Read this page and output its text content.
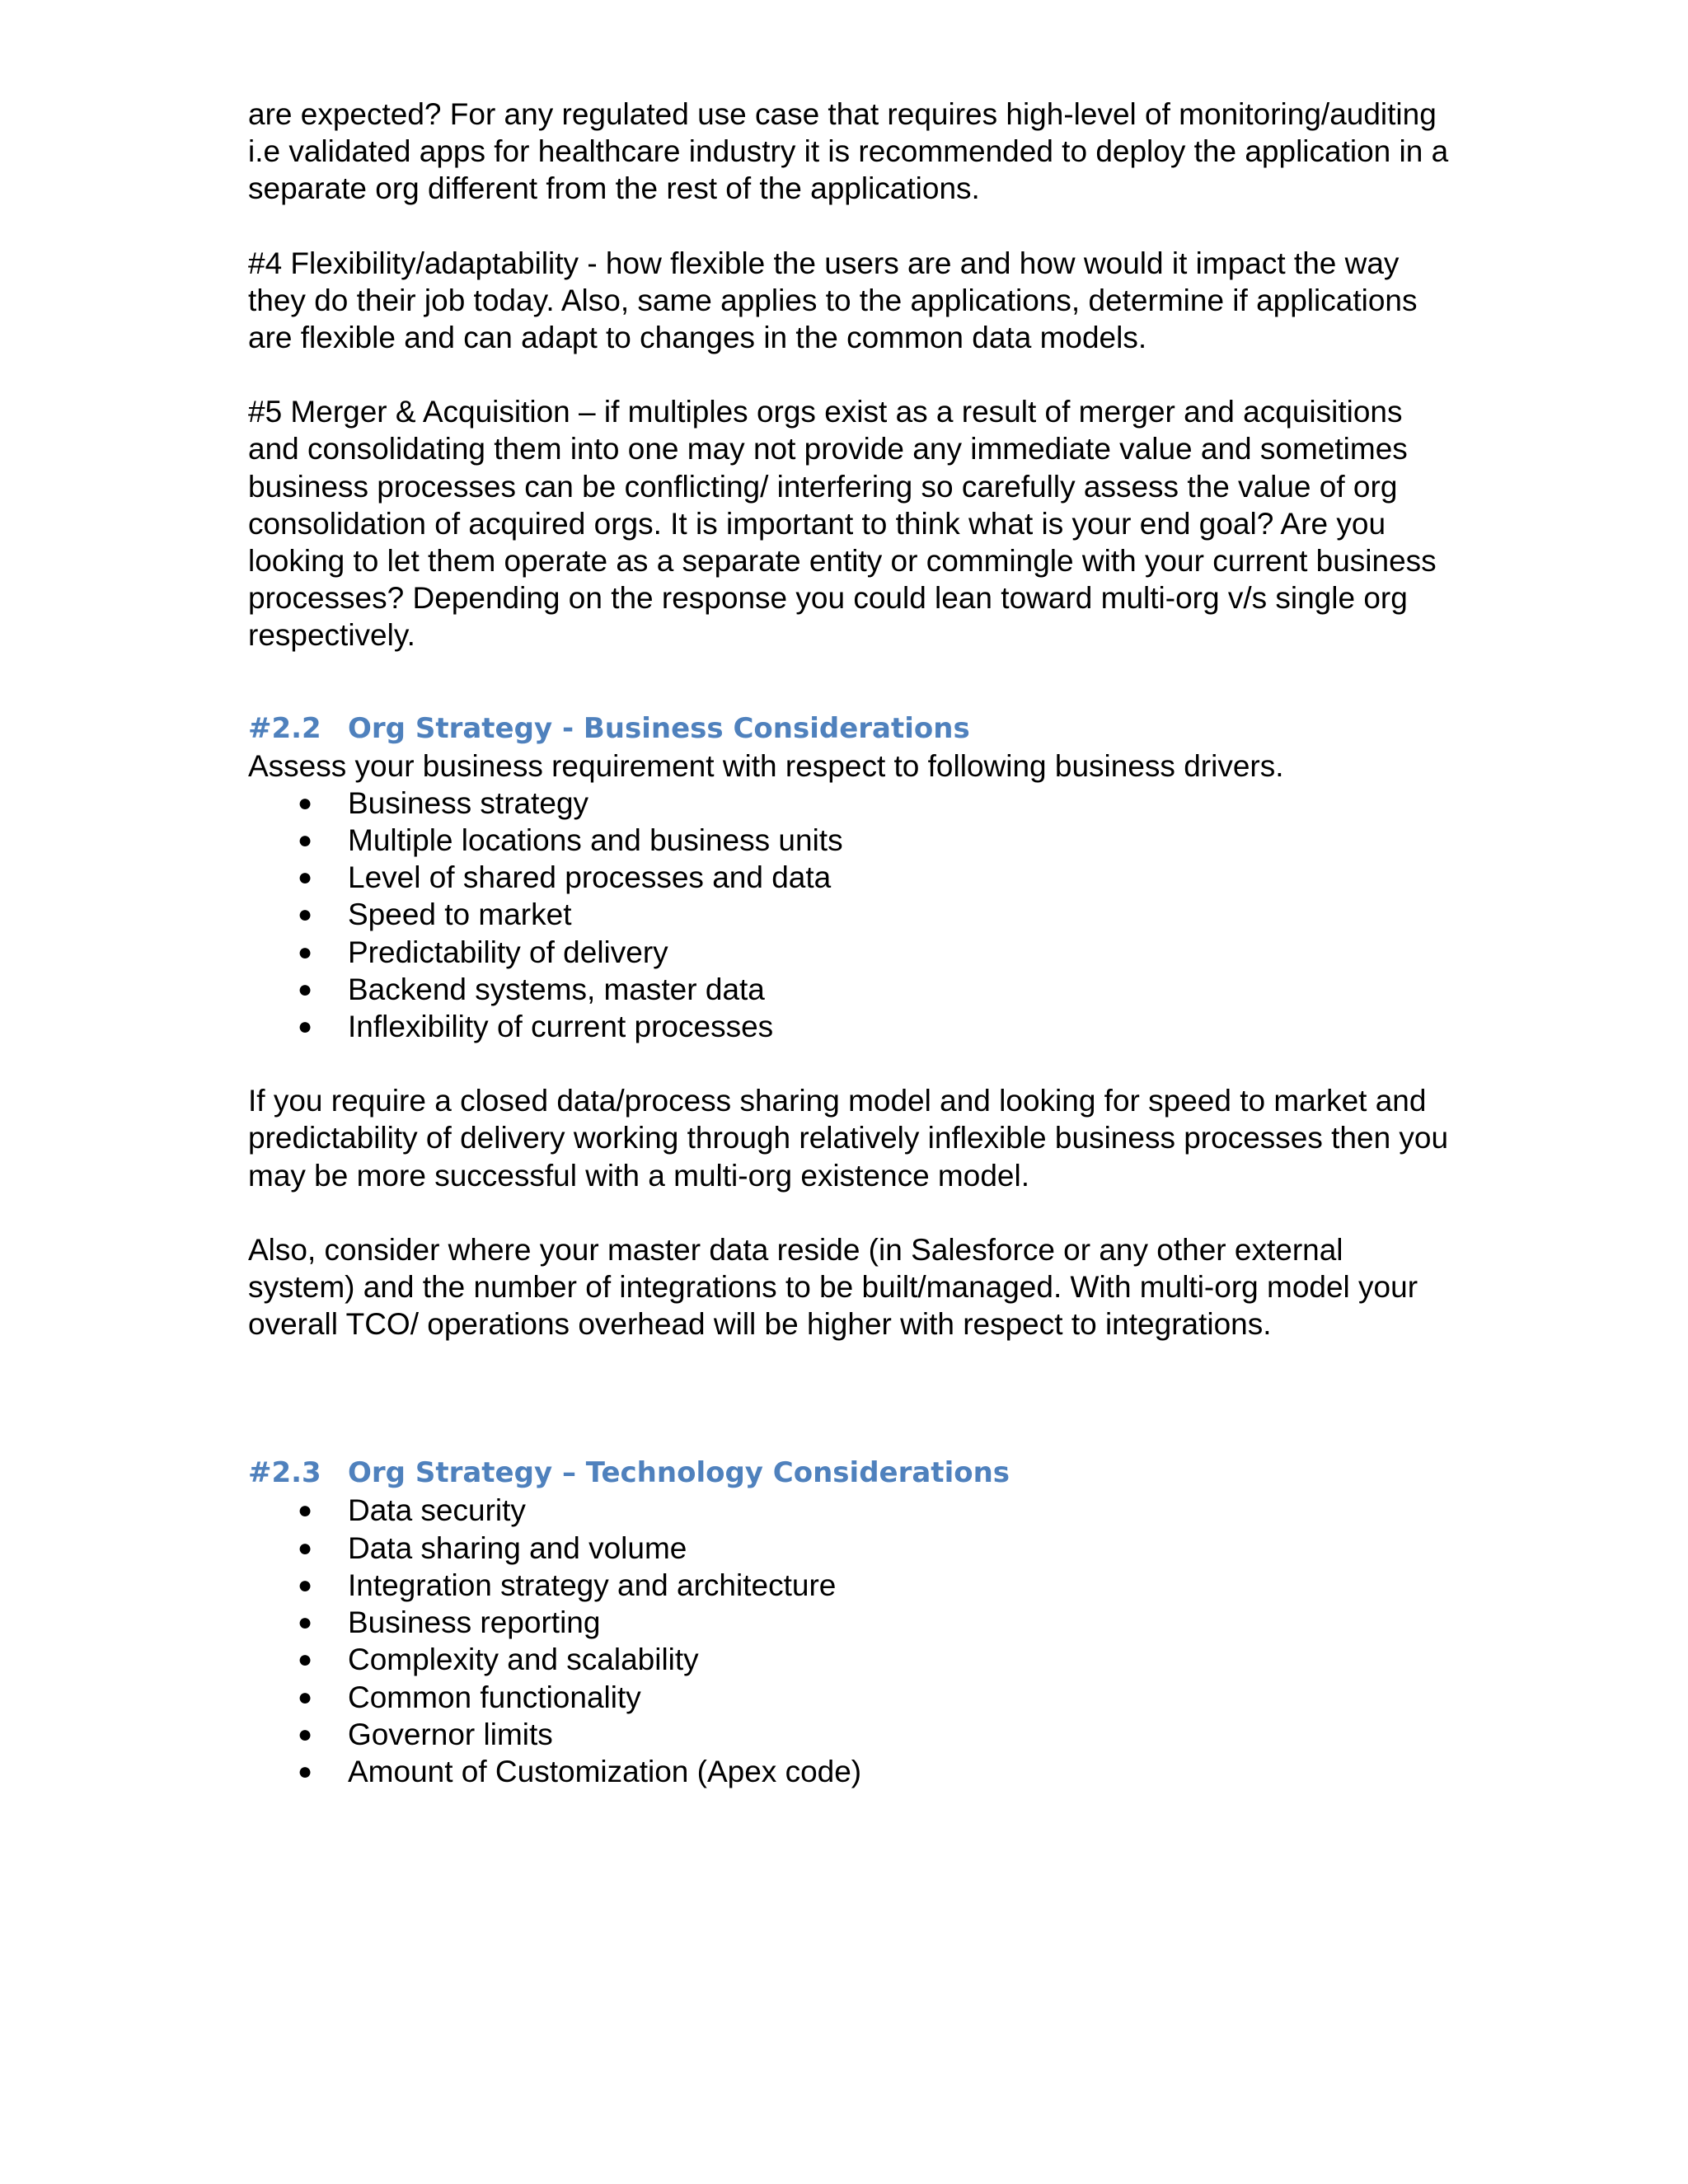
are expected? For any regulated use case that requires high-level of monitoring/auditing i.e validated apps for healthcare industry it is recommended to deploy the application in a separate org different from the rest of the applications.

#4 Flexibility/adaptability - how flexible the users are and how would it impact the way they do their job today. Also, same applies to the applications, determine if applications are flexible and can adapt to changes in the common data models.

#5 Merger & Acquisition – if multiples orgs exist as a result of merger and acquisitions and consolidating them into one may not provide any immediate value and sometimes business processes can be conflicting/ interfering so carefully assess the value of org consolidation of acquired orgs. It is important to think what is your end goal? Are you looking to let them operate as a separate entity or commingle with your current business processes? Depending on the response you could lean toward multi-org v/s single org respectively.

#2.2 Org Strategy - Business Considerations

Assess your business requirement with respect to following business drivers.

● Business strategy
● Multiple locations and business units
● Level of shared processes and data
● Speed to market
● Predictability of delivery
● Backend systems, master data
● Inflexibility of current processes

If you require a closed data/process sharing model and looking for speed to market and predictability of delivery working through relatively inflexible business processes then you may be more successful with a multi-org existence model.

Also, consider where your master data reside (in Salesforce or any other external system) and the number of integrations to be built/managed. With multi-org model your overall TCO/ operations overhead will be higher with respect to integrations.

#2.3 Org Strategy – Technology Considerations
● Data security
● Data sharing and volume
● Integration strategy and architecture
● Business reporting
● Complexity and scalability
● Common functionality
● Governor limits
● Amount of Customization (Apex code)
